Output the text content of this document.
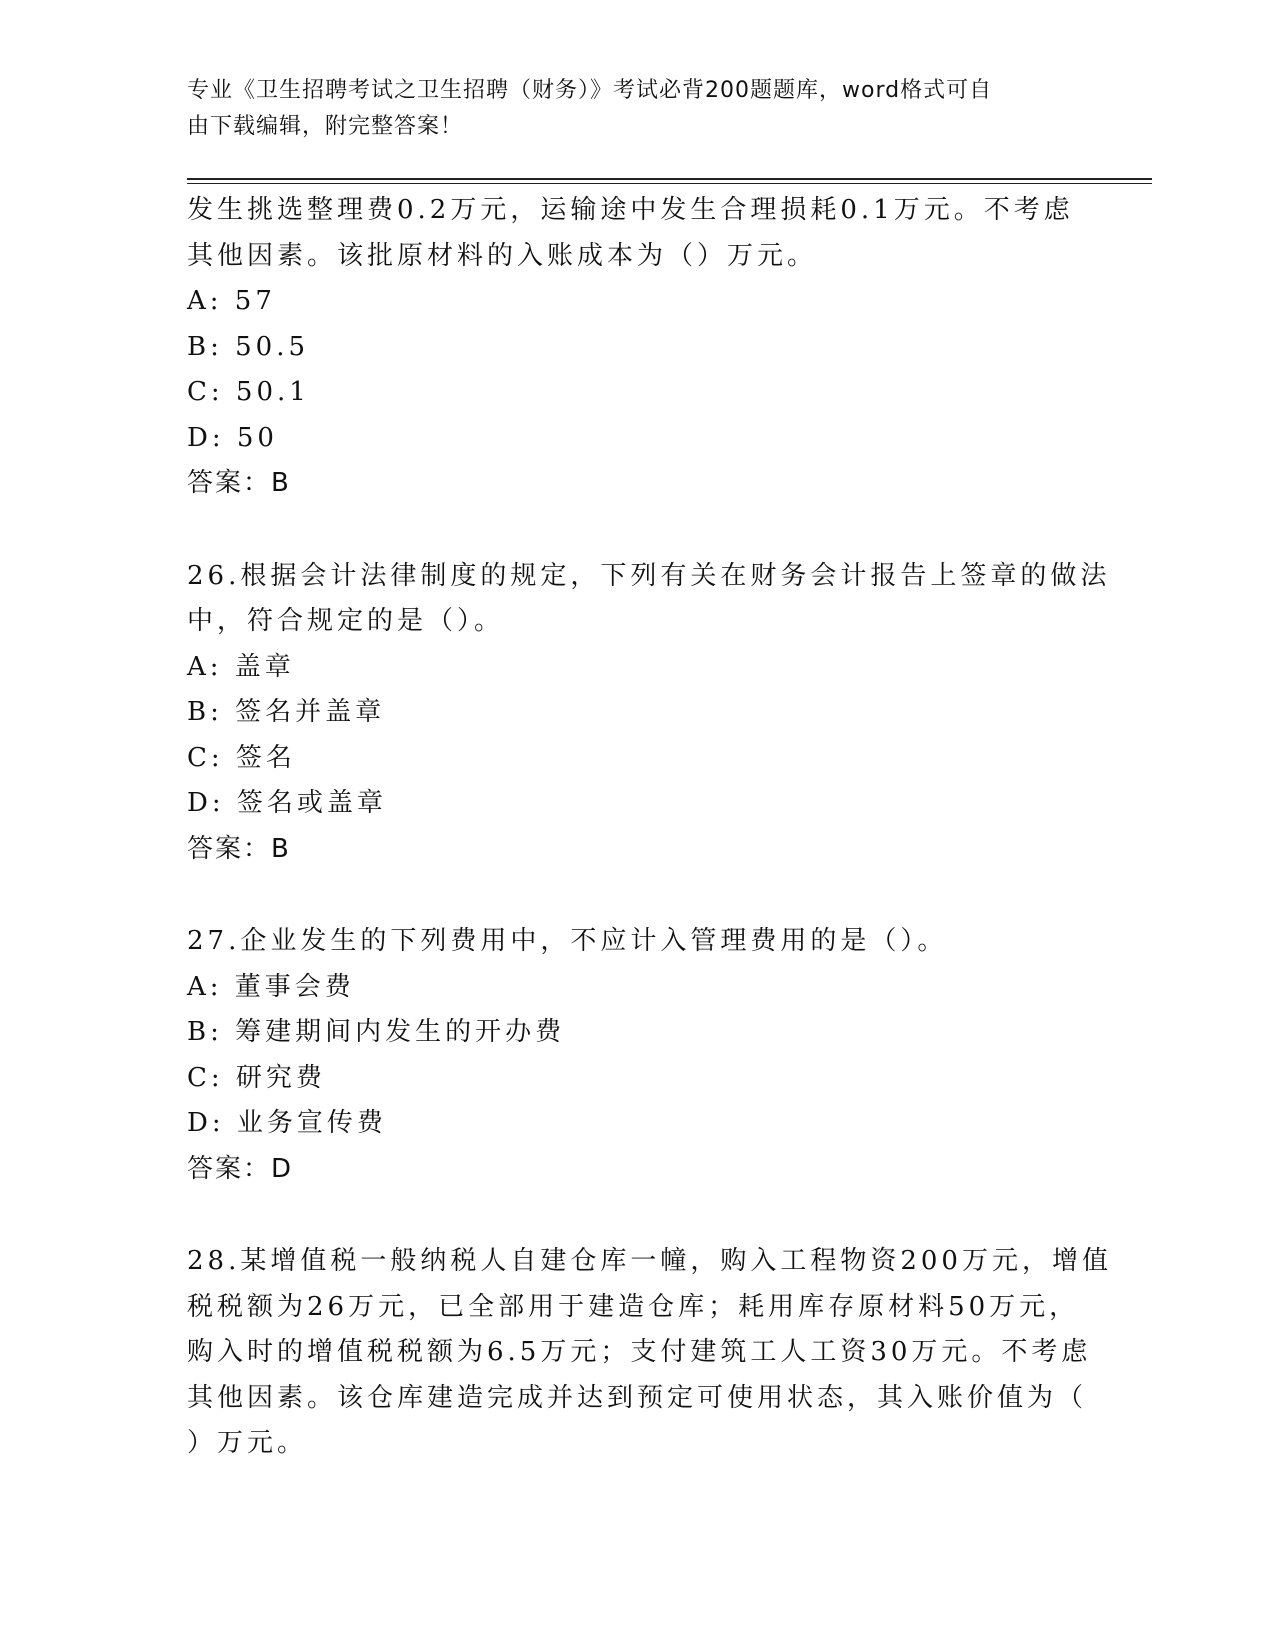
专业《卫生招聘考试之卫生招聘（财务）》考试必背200题题库，word格式可自
由下载编辑，附完整答案！
发生挑选整理费0.2万元，运输途中发生合理损耗0.1万元。不考虑
其他因素。该批原材料的入账成本为（）万元。
A: 57
B: 50.5
C: 50.1
D: 50
答案：B
26.根据会计法律制度的规定，下列有关在财务会计报告上签章的做法
中，符合规定的是（）。
A: 盖章
B: 签名并盖章
C: 签名
D: 签名或盖章
答案：B
27.企业发生的下列费用中，不应计入管理费用的是（）。
A: 董事会费
B: 筹建期间内发生的开办费
C: 研究费
D: 业务宣传费
答案：D
28.某增值税一般纳税人自建仓库一幢，购入工程物资200万元，增值
税税额为26万元，已全部用于建造仓库；耗用库存原材料50万元，
购入时的增值税税额为6.5万元；支付建筑工人工资30万元。不考虑
其他因素。该仓库建造完成并达到预定可使用状态，其入账价值为（
）万元。
